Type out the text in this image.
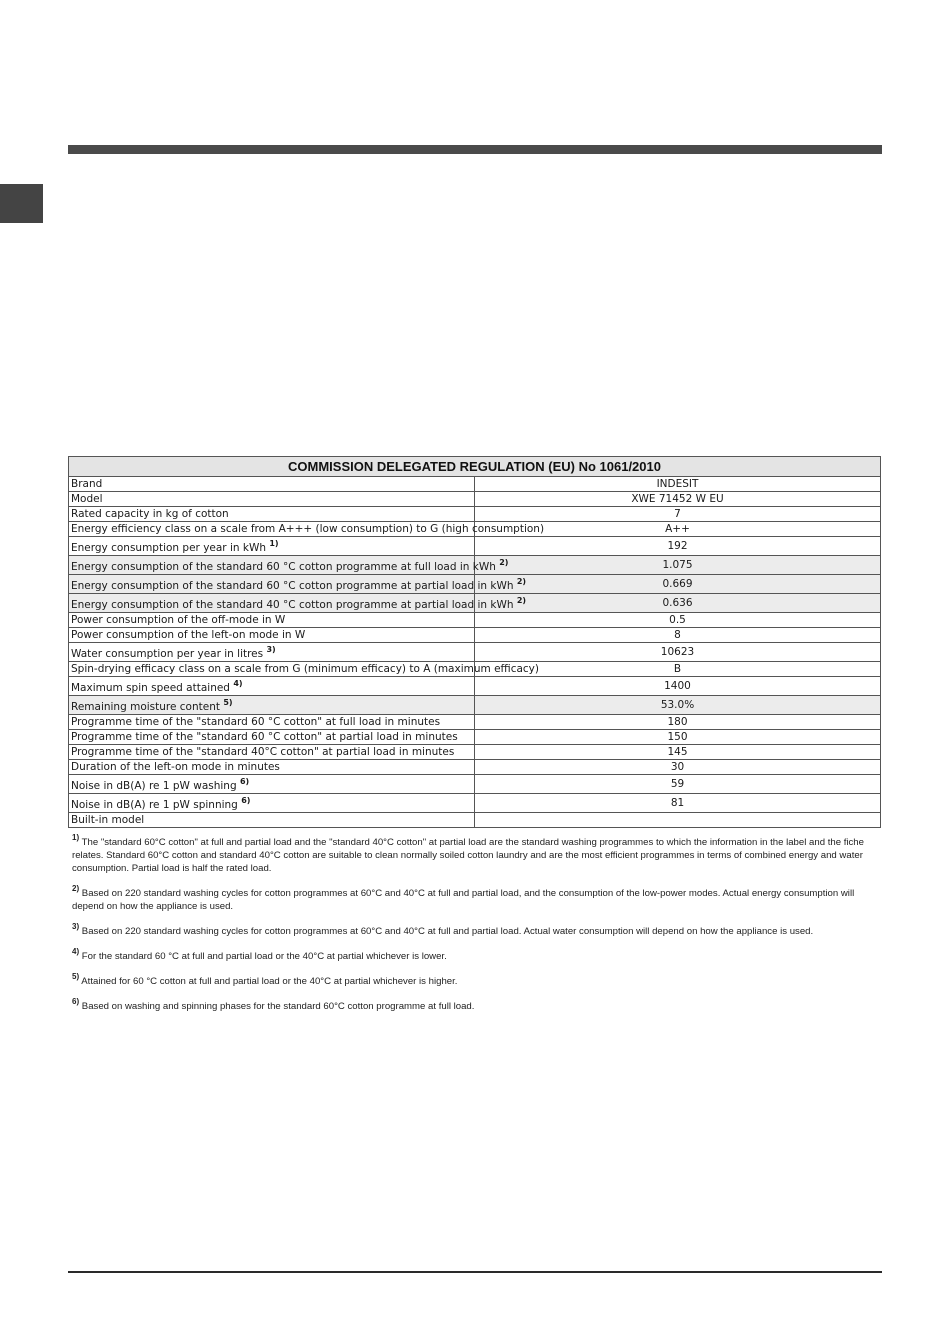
COMMISSION DELEGATED REGULATION (EU) No 1061/2010	
Brand	INDESIT
Model	XWE 71452 W EU
Rated capacity in kg of cotton	7
Energy efficiency class on a scale from A+++ (low consumption) to G (high consumption)	A++
Energy consumption per year in kWh $^{1)}$	192
Energy consumption of the standard 60 °C cotton programme at full load in kWh $^{2)}$	1.075
Energy consumption of the standard 60 °C cotton programme at partial load in kWh $^{2)}$	0.669
Energy consumption of the standard 40 °C cotton programme at partial load in kWh $^{2)}$	0.636
Power consumption of the off-mode in W	0.5
Power consumption of the left-on mode in W	8
Water consumption per year in litres $^{3)}$	10623
Spin-drying efficacy class on a scale from G (minimum efficacy) to A (maximum efficacy)	B
Maximum spin speed attained $^{4)}$	1400
Remaining moisture content $^{5)}$	53.0%
Programme time of the "standard 60 °C cotton" at full load in minutes	180
Programme time of the "standard 60 °C cotton" at partial load in minutes	150
Programme time of the "standard 40°C cotton" at partial load in minutes	145
Duration of the left-on mode in minutes	30
Noise in dB(A) re 1 pW washing $^{6)}$	59
Noise in dB(A) re 1 pW spinning $^{6)}$	81
Built-in model	
$^{1)}$ The "standard 60°C cotton" at full and partial load and the "standard 40°C cotton" at partial load are the standard washing programmes to which the information in the label and the fiche relates. Standard 60°C cotton and standard 40°C cotton are suitable to clean normally soiled cotton laundry and are the most efficient programmes in terms of combined energy and water consumption. Partial load is half the rated load.
$^{2)}$ Based on 220 standard washing cycles for cotton programmes at 60°C and 40°C at full and partial load, and the consumption of the low-power modes. Actual energy consumption will depend on how the appliance is used.
$^{3)}$ Based on 220 standard washing cycles for cotton programmes at 60°C and 40°C at full and partial load. Actual water consumption will depend on how the appliance is used.
$^{4)}$ For the standard 60 °C at full and partial load or the 40°C at partial whichever is lower.
$^{5)}$ Attained for 60 °C cotton at full and partial load or the 40°C at partial whichever is higher.
$^{6)}$ Based on washing and spinning phases for the standard 60°C cotton programme at full load.
